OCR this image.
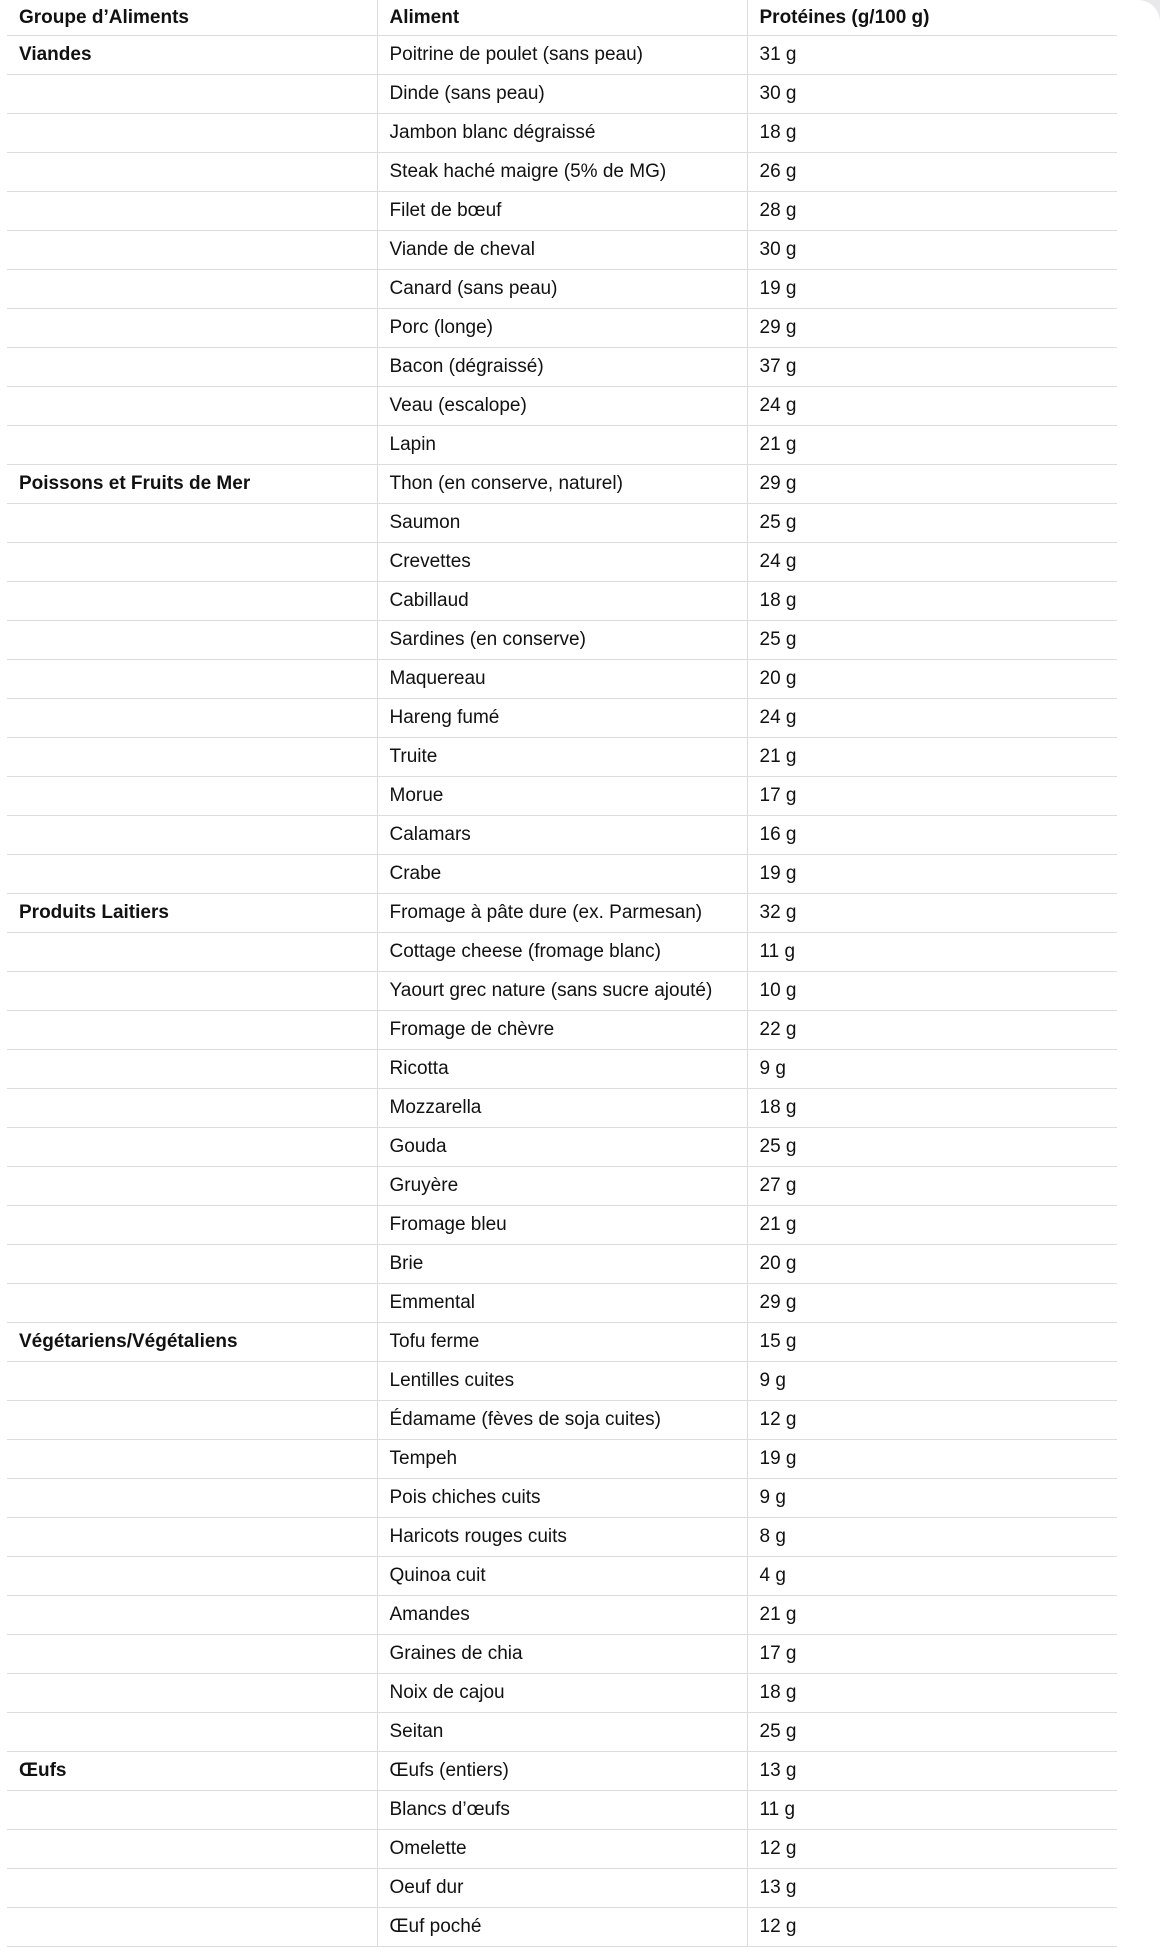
Groupe d’Aliments	Aliment	Protéines (g/100 g)
Viandes	Poitrine de poulet (sans peau)	31 g
	Dinde (sans peau)	30 g
	Jambon blanc dégraissé	18 g
	Steak haché maigre (5% de MG)	26 g
	Filet de bœuf	28 g
	Viande de cheval	30 g
	Canard (sans peau)	19 g
	Porc (longe)	29 g
	Bacon (dégraissé)	37 g
	Veau (escalope)	24 g
	Lapin	21 g
Poissons et Fruits de Mer	Thon (en conserve, naturel)	29 g
	Saumon	25 g
	Crevettes	24 g
	Cabillaud	18 g
	Sardines (en conserve)	25 g
	Maquereau	20 g
	Hareng fumé	24 g
	Truite	21 g
	Morue	17 g
	Calamars	16 g
	Crabe	19 g
Produits Laitiers	Fromage à pâte dure (ex. Parmesan)	32 g
	Cottage cheese (fromage blanc)	11 g
	Yaourt grec nature (sans sucre ajouté)	10 g
	Fromage de chèvre	22 g
	Ricotta	9 g
	Mozzarella	18 g
	Gouda	25 g
	Gruyère	27 g
	Fromage bleu	21 g
	Brie	20 g
	Emmental	29 g
Végétariens/Végétaliens	Tofu ferme	15 g
	Lentilles cuites	9 g
	Édamame (fèves de soja cuites)	12 g
	Tempeh	19 g
	Pois chiches cuits	9 g
	Haricots rouges cuits	8 g
	Quinoa cuit	4 g
	Amandes	21 g
	Graines de chia	17 g
	Noix de cajou	18 g
	Seitan	25 g
Œufs	Œufs (entiers)	13 g
	Blancs d’œufs	11 g
	Omelette	12 g
	Oeuf dur	13 g
	Œuf poché	12 g
